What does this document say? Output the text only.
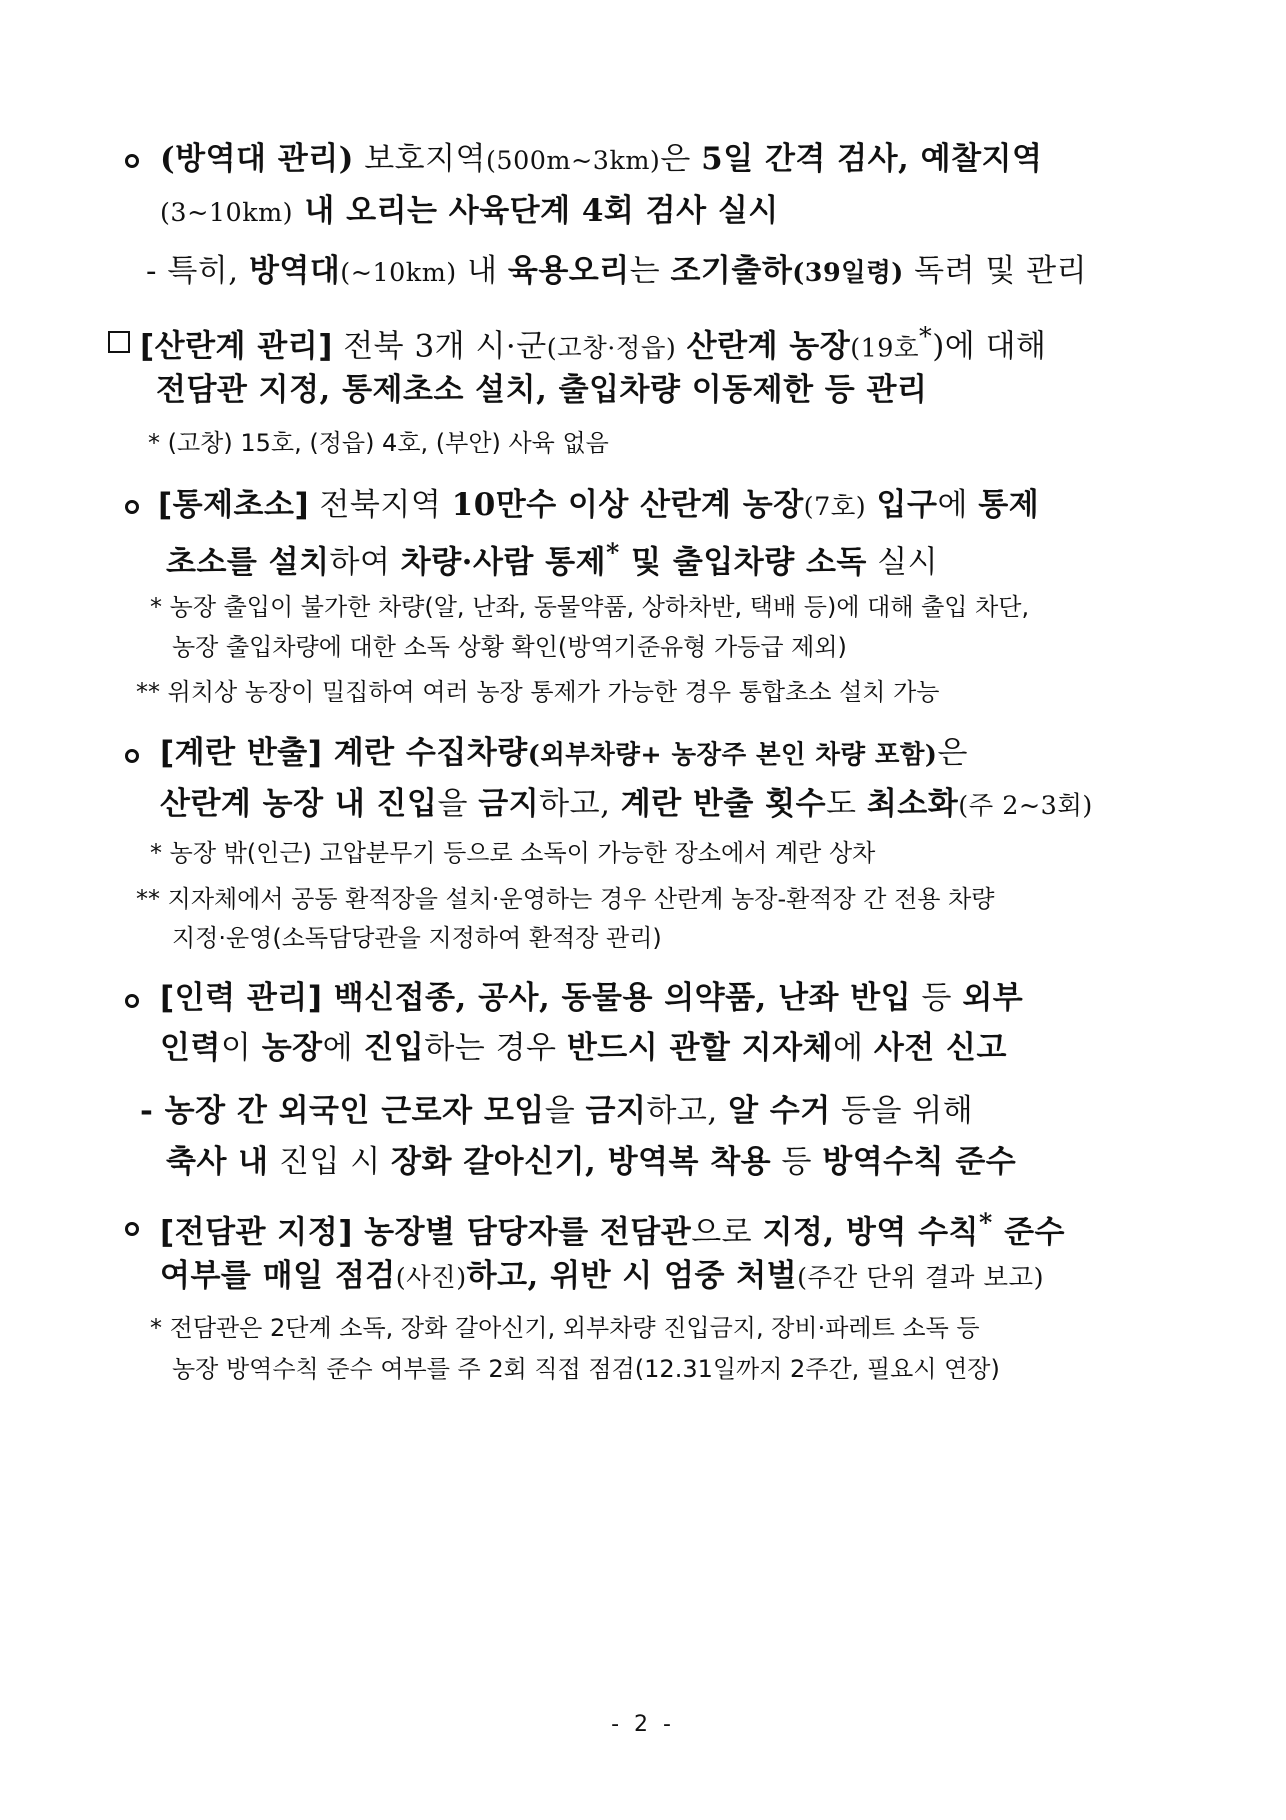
(방역대 관리) 보호지역(500m~3km)은 5일 간격 검사, 예찰지역
(3~10km) 내 오리는 사육단계 4회 검사 실시
- 특히, 방역대(~10km) 내 육용오리는 조기출하(39일령) 독려 및 관리
[산란계 관리] 전북 3개 시·군(고창·정읍) 산란계 농장(19호*)에 대해
전담관 지정, 통제초소 설치, 출입차량 이동제한 등 관리
* (고창) 15호, (정읍) 4호, (부안) 사육 없음
[통제초소] 전북지역 10만수 이상 산란계 농장(7호) 입구에 통제
초소를 설치하여 차량·사람 통제* 및 출입차량 소독 실시
* 농장 출입이 불가한 차량(알, 난좌, 동물약품, 상하차반, 택배 등)에 대해 출입 차단,
농장 출입차량에 대한 소독 상황 확인(방역기준유형 가등급 제외)
** 위치상 농장이 밀집하여 여러 농장 통제가 가능한 경우 통합초소 설치 가능
[계란 반출] 계란 수집차량(외부차량+ 농장주 본인 차량 포함)은
산란계 농장 내 진입을 금지하고, 계란 반출 횟수도 최소화(주 2~3회)
* 농장 밖(인근) 고압분무기 등으로 소독이 가능한 장소에서 계란 상차
** 지자체에서 공동 환적장을 설치·운영하는 경우 산란계 농장-환적장 간 전용 차량
지정·운영(소독담당관을 지정하여 환적장 관리)
[인력 관리] 백신접종, 공사, 동물용 의약품, 난좌 반입 등 외부
인력이 농장에 진입하는 경우 반드시 관할 지자체에 사전 신고
- 농장 간 외국인 근로자 모임을 금지하고, 알 수거 등을 위해
축사 내 진입 시 장화 갈아신기, 방역복 착용 등 방역수칙 준수
[전담관 지정] 농장별 담당자를 전담관으로 지정, 방역 수칙* 준수
여부를 매일 점검(사진)하고, 위반 시 엄중 처벌(주간 단위 결과 보고)
* 전담관은 2단계 소독, 장화 갈아신기, 외부차량 진입금지, 장비·파레트 소독 등
농장 방역수칙 준수 여부를 주 2회 직접 점검(12.31일까지 2주간, 필요시 연장)
- 2 -
